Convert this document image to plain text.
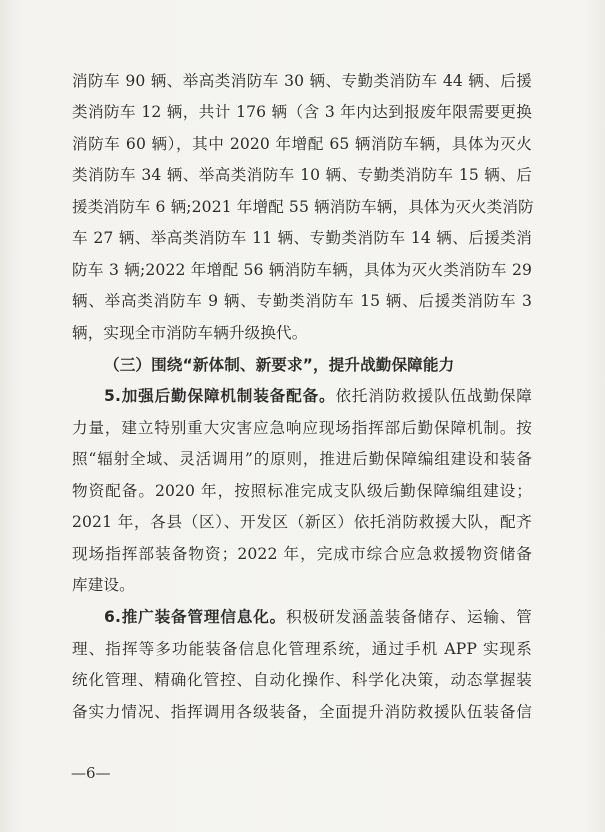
消防车 90 辆、举高类消防车 30 辆、专勤类消防车 44 辆、后援
类消防车 12 辆，共计 176 辆（含 3 年内达到报废年限需要更换
消防车 60 辆），其中 2020 年增配 65 辆消防车辆，具体为灭火
类消防车 34 辆、举高类消防车 10 辆、专勤类消防车 15 辆、后
援类消防车 6 辆;2021 年增配 55 辆消防车辆，具体为灭火类消防
车 27 辆、举高类消防车 11 辆、专勤类消防车 14 辆、后援类消
防车 3 辆;2022 年增配 56 辆消防车辆，具体为灭火类消防车 29
辆、举高类消防车 9 辆、专勤类消防车 15 辆、后援类消防车 3
辆，实现全市消防车辆升级换代。
（三）围绕“新体制、新要求”，提升战勤保障能力
5.加强后勤保障机制装备配备。依托消防救援队伍战勤保障
力量，建立特别重大灾害应急响应现场指挥部后勤保障机制。按
照“辐射全域、灵活调用”的原则，推进后勤保障编组建设和装备
物资配备。2020 年，按照标准完成支队级后勤保障编组建设；
2021 年，各县（区）、开发区（新区）依托消防救援大队，配齐
现场指挥部装备物资；2022 年，完成市综合应急救援物资储备
库建设。
6.推广装备管理信息化。积极研发涵盖装备储存、运输、管
理、指挥等多功能装备信息化管理系统，通过手机 APP 实现系
统化管理、精确化管控、自动化操作、科学化决策，动态掌握装
备实力情况、指挥调用各级装备，全面提升消防救援队伍装备信
—6—
